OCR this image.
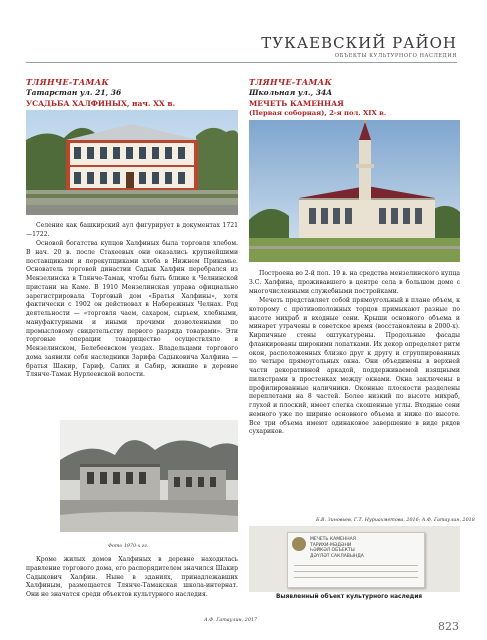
ТУКАЕВСКИЙ РАЙОН
ОБЪЕКТЫ КУЛЬТУРНОГО НАСЛЕДИЯ
ТЛЯНЧЕ-ТАМАК
Татарстан ул. 21, 36
УСАДЬБА ХАЛФИНЫХ, нач. XX в.
Селение как башкирский аул фигурирует в документах 1721—1722.
Основой богатства купцов Халфиных была торговля хлебом. В нач. 20 в. после Стахеевых они оказались крупнейшими поставщиками и перекупщиками хлеба в Нижнем Прикамье. Основатель торговой династии Садык Халфин перебрался из Мензелинска в Тлянче-Тамак, чтобы быть ближе к Челнинской пристани на Каме. В 1910 Мензелинская управа официально зарегистрировала Торговый дом «Братья Халфины», хотя фактически с 1902 он действовал в Набережных Челнах. Род деятельности — «торговля чаем, сахаром, сырьем, хлебными, мануфактурными и иными прочими дозволенными по промысловому свидетельству первого разряда товарами». Эти торговые операции товарищество осуществляло в Мензелинском, Белебеевском уездах. Владельцами торгового дома заявили себя наследники Зарифа Садыковича Халфина — братья Шакир, Гариф, Салих и Сабир, жившие в деревне Тлянче-Тамак Нурлеевской волости.
Фото 1970-х гг.
Кроме жилых домов Халфиных в деревне находилась правление торгового дома, его распорядителем значился Шакир Садыкович Халфин. Ныне в зданиях, принадлежавших Халфиным, размещается Тлянче-Тамакская школа-интернат. Они не значатся среди объектов культурного наследия.
А.Ф. Гатаулин, 2017
ТЛЯНЧЕ-ТАМАК
Школьная ул., 34А
МЕЧЕТЬ КАМЕННАЯ
(Первая соборная), 2-я пол. XIX в.
Построена во 2-й пол. 19 в. на средства мензелинского купца З.С. Халфина, проживавшего в центре села в большом доме с многочисленными служебными постройками.
Мечеть представляет собой прямоугольный в плане объем, к которому с противоположных торцов примыкают разные по высоте михраб и входные сени. Крыши основного объема и минарет утрачены в советское время (восстановлены в 2000-х). Кирпичные стены оштукатурены. Продольные фасады фланкированы широкими лопатками. Их декор определяет ритм окон, расположенных близко друг к другу и сгруппированных по четыре прямоугольных окна. Они объединены в верхней части декоративной аркадой, поддерживаемой изящными пилястрами в простенках между окнами. Окна заключены в профилированные наличники. Оконные плоскости разделены переплетами на 8 частей. Более низкий по высоте михраб, глухой и плоский, имеет слегка скошенные углы. Входные сени немного уже по ширине основного объема и ниже по высоте. Все три объема имеют одинаковое завершение в виде рядов сухариков.
Б.В. Зиновьев, Г.Т. Нуриахметова, 2016; А.Ф. Гатаулин, 2018
МЕЧЕТЬ КАМЕННАЯ
ТАРИХИ-МӘДӘНИ
ҺӘЙКӘЛ ОБЪЕКТЫ
ДӘҮЛӘТ САКЛАВЫНДА
Выявленный объект культурного наследия
823
